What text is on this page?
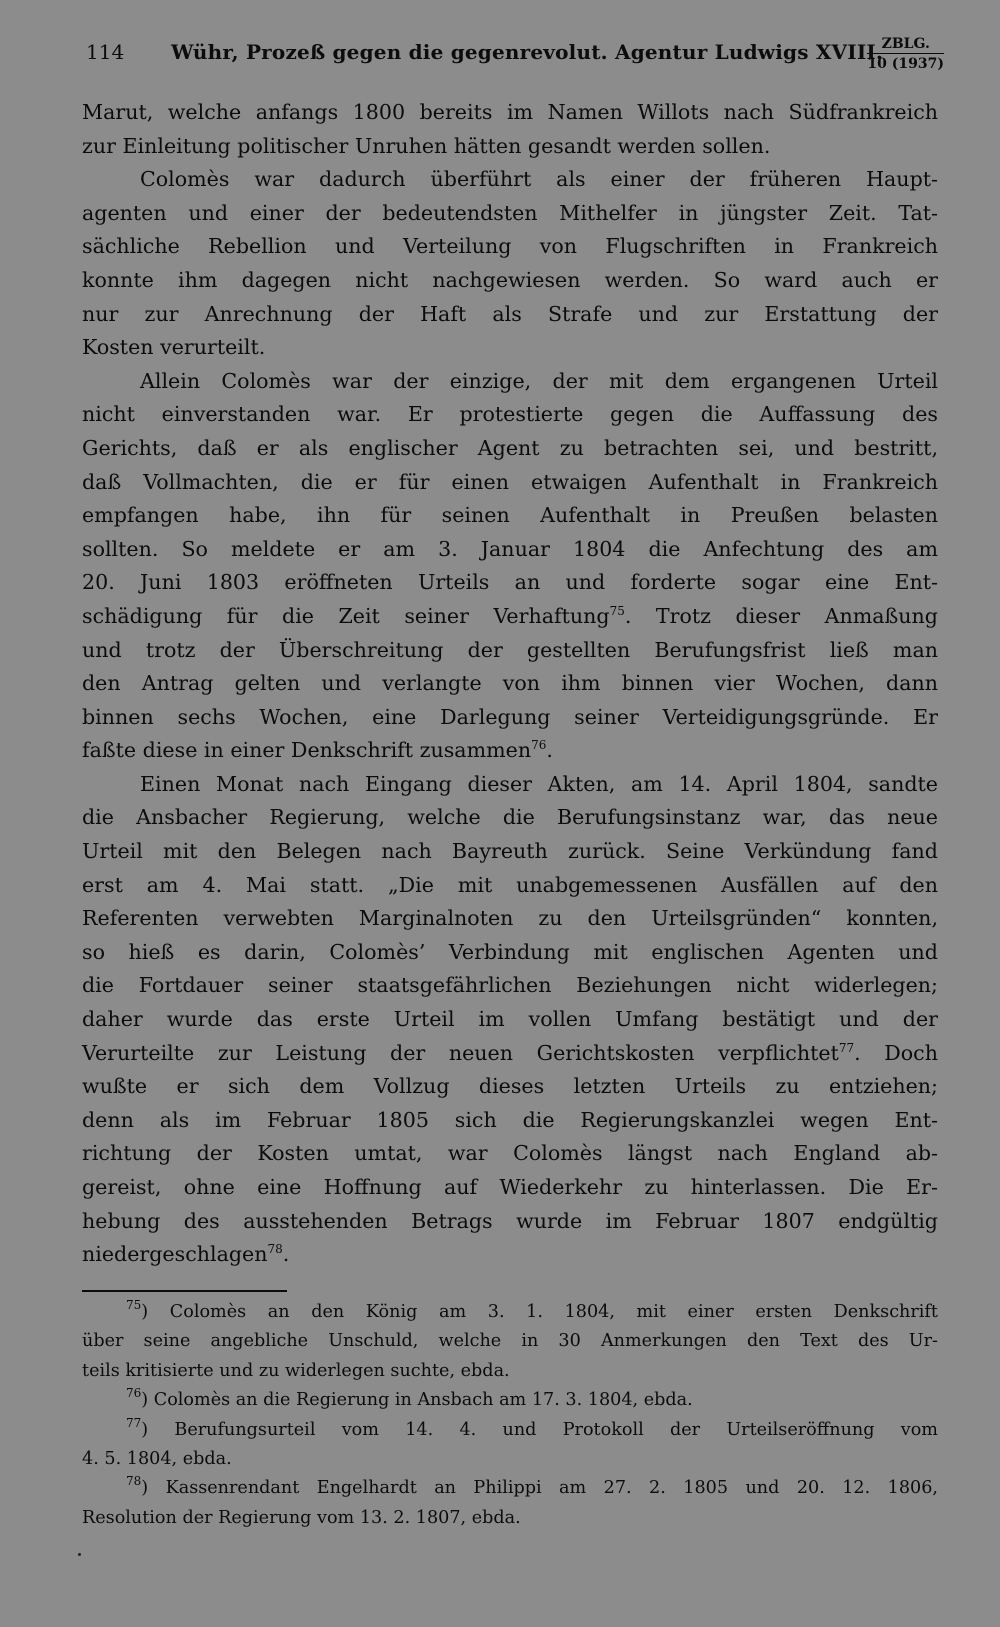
114 Wühr, Prozeß gegen die gegenrevolut. Agentur Ludwigs XVIII.
ZBLG.
10 (1937)
Marut, welche anfangs 1800 bereits im Namen Willots nach Südfrankreich
zur Einleitung politischer Unruhen hätten gesandt werden sollen.
Colomès war dadurch überführt als einer der früheren Haupt-
agenten und einer der bedeutendsten Mithelfer in jüngster Zeit. Tat-
sächliche Rebellion und Verteilung von Flugschriften in Frankreich
konnte ihm dagegen nicht nachgewiesen werden. So ward auch er
nur zur Anrechnung der Haft als Strafe und zur Erstattung der
Kosten verurteilt.
Allein Colomès war der einzige, der mit dem ergangenen Urteil
nicht einverstanden war. Er protestierte gegen die Auffassung des
Gerichts, daß er als englischer Agent zu betrachten sei, und bestritt,
daß Vollmachten, die er für einen etwaigen Aufenthalt in Frankreich
empfangen habe, ihn für seinen Aufenthalt in Preußen belasten
sollten. So meldete er am 3. Januar 1804 die Anfechtung des am
20. Juni 1803 eröffneten Urteils an und forderte sogar eine Ent-
schädigung für die Zeit seiner Verhaftung$^{75}$. Trotz dieser Anmaßung
und trotz der Überschreitung der gestellten Berufungsfrist ließ man
den Antrag gelten und verlangte von ihm binnen vier Wochen, dann
binnen sechs Wochen, eine Darlegung seiner Verteidigungsgründe. Er
faßte diese in einer Denkschrift zusammen$^{76}$.
Einen Monat nach Eingang dieser Akten, am 14. April 1804, sandte
die Ansbacher Regierung, welche die Berufungsinstanz war, das neue
Urteil mit den Belegen nach Bayreuth zurück. Seine Verkündung fand
erst am 4. Mai statt. „Die mit unabgemessenen Ausfällen auf den
Referenten verwebten Marginalnoten zu den Urteilsgründen“ konnten,
so hieß es darin, Colomès’ Verbindung mit englischen Agenten und
die Fortdauer seiner staatsgefährlichen Beziehungen nicht widerlegen;
daher wurde das erste Urteil im vollen Umfang bestätigt und der
Verurteilte zur Leistung der neuen Gerichtskosten verpflichtet$^{77}$. Doch
wußte er sich dem Vollzug dieses letzten Urteils zu entziehen;
denn als im Februar 1805 sich die Regierungskanzlei wegen Ent-
richtung der Kosten umtat, war Colomès längst nach England ab-
gereist, ohne eine Hoffnung auf Wiederkehr zu hinterlassen. Die Er-
hebung des ausstehenden Betrags wurde im Februar 1807 endgültig
niedergeschlagen$^{78}$.
$^{75}$) Colomès an den König am 3. 1. 1804, mit einer ersten Denkschrift
über seine angebliche Unschuld, welche in 30 Anmerkungen den Text des Ur-
teils kritisierte und zu widerlegen suchte, ebda.
$^{76}$) Colomès an die Regierung in Ansbach am 17. 3. 1804, ebda.
$^{77}$) Berufungsurteil vom 14. 4. und Protokoll der Urteilseröffnung vom
4. 5. 1804, ebda.
$^{78}$) Kassenrendant Engelhardt an Philippi am 27. 2. 1805 und 20. 12. 1806,
Resolution der Regierung vom 13. 2. 1807, ebda.
